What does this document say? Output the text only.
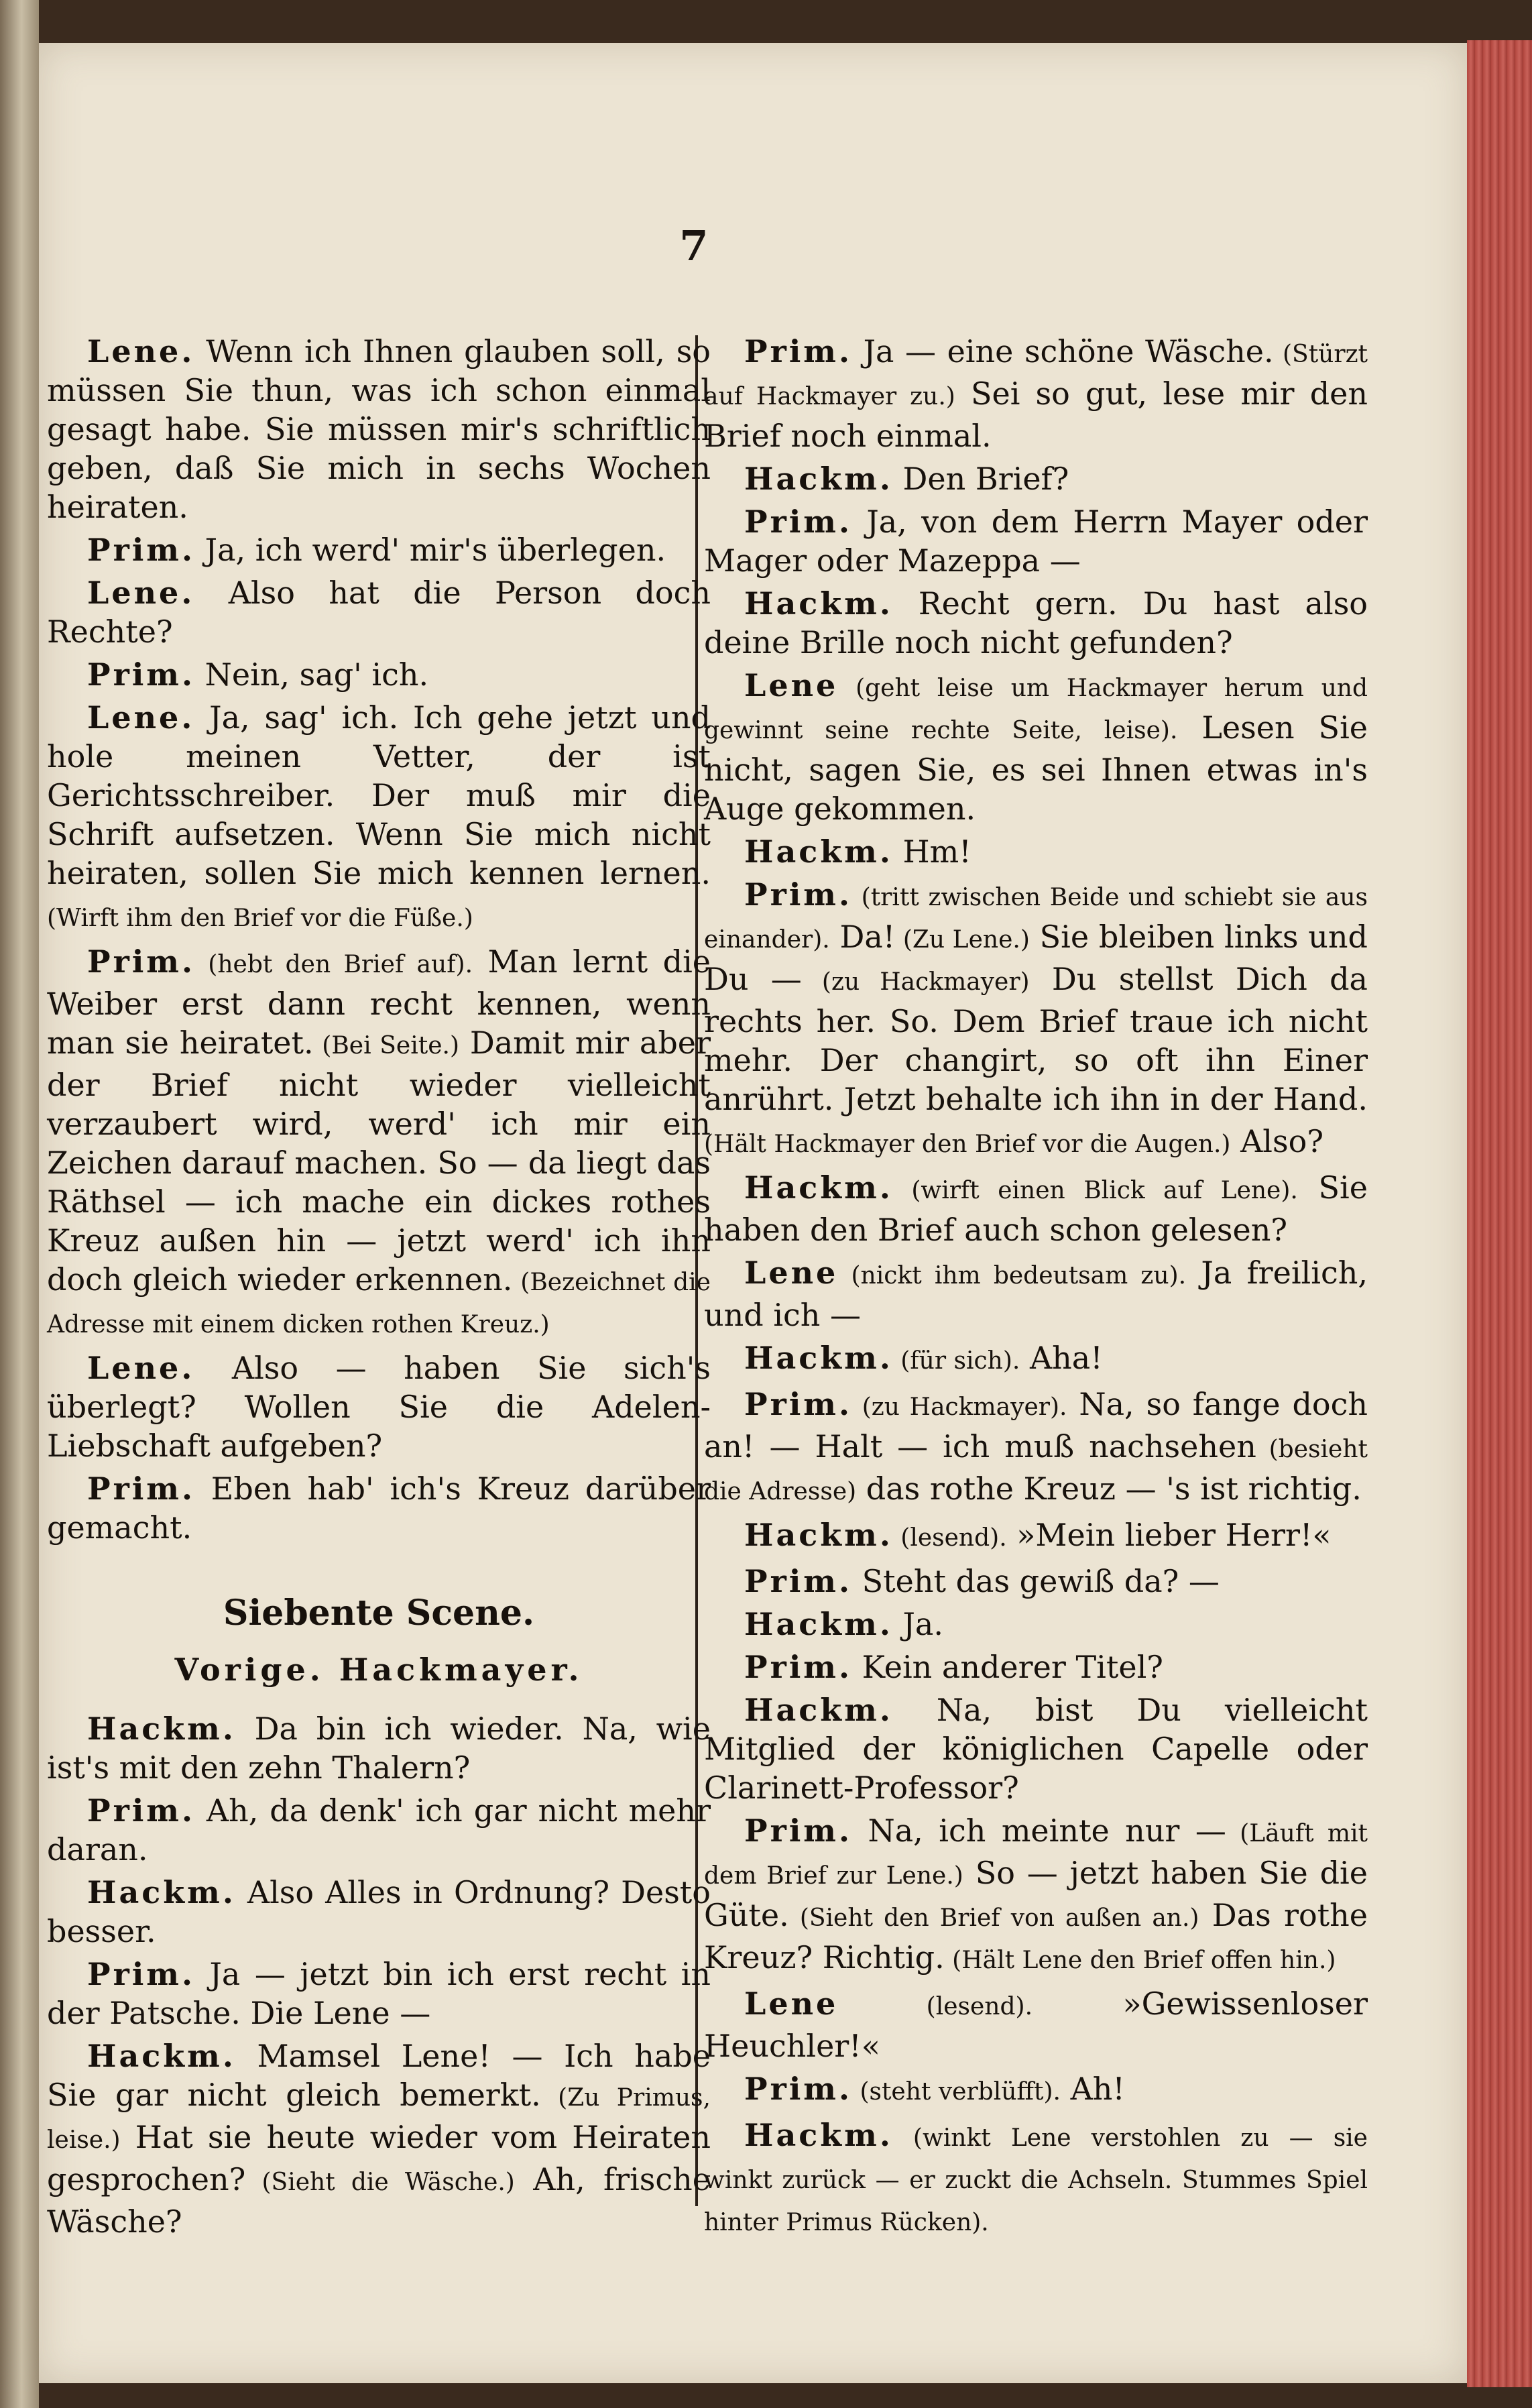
7

Lene. Wenn ich Ihnen glauben soll, so müssen Sie thun, was ich schon einmal gesagt habe. Sie müssen mir's schriftlich geben, daß Sie mich in sechs Wochen heiraten.

Prim. Ja, ich werd' mir's überlegen.

Lene. Also hat die Person doch Rechte?

Prim. Nein, sag' ich.

Lene. Ja, sag' ich. Ich gehe jetzt und hole meinen Vetter, der ist Gerichtsschreiber. Der muß mir die Schrift aufsetzen. Wenn Sie mich nicht heiraten, sollen Sie mich kennen lernen. (Wirft ihm den Brief vor die Füße.)

Prim. (hebt den Brief auf). Man lernt die Weiber erst dann recht kennen, wenn man sie heiratet. (Bei Seite.) Damit mir aber der Brief nicht wieder vielleicht verzaubert wird, werd' ich mir ein Zeichen darauf machen. So — da liegt das Räthsel — ich mache ein dickes rothes Kreuz außen hin — jetzt werd' ich ihn doch gleich wieder erkennen. (Bezeichnet die Adresse mit einem dicken rothen Kreuz.)

Lene. Also — haben Sie sich's überlegt? Wollen Sie die Adelen-Liebschaft aufgeben?

Prim. Eben hab' ich's Kreuz darüber gemacht.

Siebente Scene.
Vorige. Hackmayer.

Hackm. Da bin ich wieder. Na, wie ist's mit den zehn Thalern?

Prim. Ah, da denk' ich gar nicht mehr daran.

Hackm. Also Alles in Ordnung? Desto besser.

Prim. Ja — jetzt bin ich erst recht in der Patsche. Die Lene —

Hackm. Mamsel Lene! — Ich habe Sie gar nicht gleich bemerkt. (Zu Primus, leise.) Hat sie heute wieder vom Heiraten gesprochen? (Sieht die Wäsche.) Ah, frische Wäsche?

Prim. Ja — eine schöne Wäsche. (Stürzt auf Hackmayer zu.) Sei so gut, lese mir den Brief noch einmal.

Hackm. Den Brief?

Prim. Ja, von dem Herrn Mayer oder Mager oder Mazeppa —

Hackm. Recht gern. Du hast also deine Brille noch nicht gefunden?

Lene (geht leise um Hackmayer herum und gewinnt seine rechte Seite, leise). Lesen Sie nicht, sagen Sie, es sei Ihnen etwas in's Auge gekommen.

Hackm. Hm!

Prim. (tritt zwischen Beide und schiebt sie aus einander). Da! (Zu Lene.) Sie bleiben links und Du — (zu Hackmayer) Du stellst Dich da rechts her. So. Dem Brief traue ich nicht mehr. Der changirt, so oft ihn Einer anrührt. Jetzt behalte ich ihn in der Hand. (Hält Hackmayer den Brief vor die Augen.) Also?

Hackm. (wirft einen Blick auf Lene). Sie haben den Brief auch schon gelesen?

Lene (nickt ihm bedeutsam zu). Ja freilich, und ich —

Hackm. (für sich). Aha!

Prim. (zu Hackmayer). Na, so fange doch an! — Halt — ich muß nachsehen (besieht die Adresse) das rothe Kreuz — 's ist richtig.

Hackm. (lesend). »Mein lieber Herr!«

Prim. Steht das gewiß da? —

Hackm. Ja.

Prim. Kein anderer Titel?

Hackm. Na, bist Du vielleicht Mitglied der königlichen Capelle oder Clarinett-Professor?

Prim. Na, ich meinte nur — (Läuft mit dem Brief zur Lene.) So — jetzt haben Sie die Güte. (Sieht den Brief von außen an.) Das rothe Kreuz? Richtig. (Hält Lene den Brief offen hin.)

Lene (lesend). »Gewissenloser Heuchler!«

Prim. (steht verblüfft). Ah!

Hackm. (winkt Lene verstohlen zu — sie winkt zurück — er zuckt die Achseln. Stummes Spiel hinter Primus Rücken).
